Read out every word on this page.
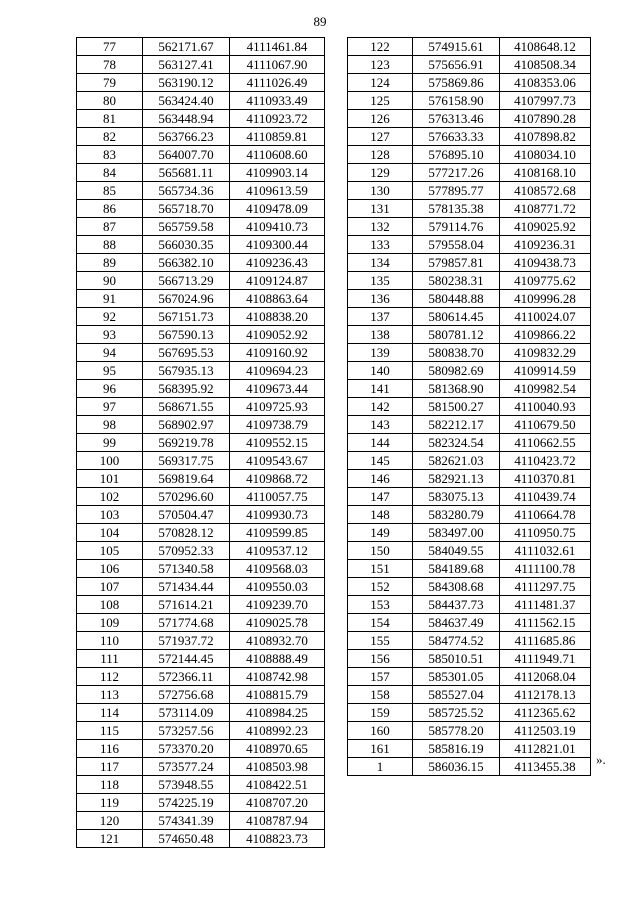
89
77	562171.67	4111461.84
78	563127.41	4111067.90
79	563190.12	4111026.49
80	563424.40	4110933.49
81	563448.94	4110923.72
82	563766.23	4110859.81
83	564007.70	4110608.60
84	565681.11	4109903.14
85	565734.36	4109613.59
86	565718.70	4109478.09
87	565759.58	4109410.73
88	566030.35	4109300.44
89	566382.10	4109236.43
90	566713.29	4109124.87
91	567024.96	4108863.64
92	567151.73	4108838.20
93	567590.13	4109052.92
94	567695.53	4109160.92
95	567935.13	4109694.23
96	568395.92	4109673.44
97	568671.55	4109725.93
98	568902.97	4109738.79
99	569219.78	4109552.15
100	569317.75	4109543.67
101	569819.64	4109868.72
102	570296.60	4110057.75
103	570504.47	4109930.73
104	570828.12	4109599.85
105	570952.33	4109537.12
106	571340.58	4109568.03
107	571434.44	4109550.03
108	571614.21	4109239.70
109	571774.68	4109025.78
110	571937.72	4108932.70
111	572144.45	4108888.49
112	572366.11	4108742.98
113	572756.68	4108815.79
114	573114.09	4108984.25
115	573257.56	4108992.23
116	573370.20	4108970.65
117	573577.24	4108503.98
118	573948.55	4108422.51
119	574225.19	4108707.20
120	574341.39	4108787.94
121	574650.48	4108823.73
122	574915.61	4108648.12
123	575656.91	4108508.34
124	575869.86	4108353.06
125	576158.90	4107997.73
126	576313.46	4107890.28
127	576633.33	4107898.82
128	576895.10	4108034.10
129	577217.26	4108168.10
130	577895.77	4108572.68
131	578135.38	4108771.72
132	579114.76	4109025.92
133	579558.04	4109236.31
134	579857.81	4109438.73
135	580238.31	4109775.62
136	580448.88	4109996.28
137	580614.45	4110024.07
138	580781.12	4109866.22
139	580838.70	4109832.29
140	580982.69	4109914.59
141	581368.90	4109982.54
142	581500.27	4110040.93
143	582212.17	4110679.50
144	582324.54	4110662.55
145	582621.03	4110423.72
146	582921.13	4110370.81
147	583075.13	4110439.74
148	583280.79	4110664.78
149	583497.00	4110950.75
150	584049.55	4111032.61
151	584189.68	4111100.78
152	584308.68	4111297.75
153	584437.73	4111481.37
154	584637.49	4111562.15
155	584774.52	4111685.86
156	585010.51	4111949.71
157	585301.05	4112068.04
158	585527.04	4112178.13
159	585725.52	4112365.62
160	585778.20	4112503.19
161	585816.19	4112821.01
1	586036.15	4113455.38 ».
